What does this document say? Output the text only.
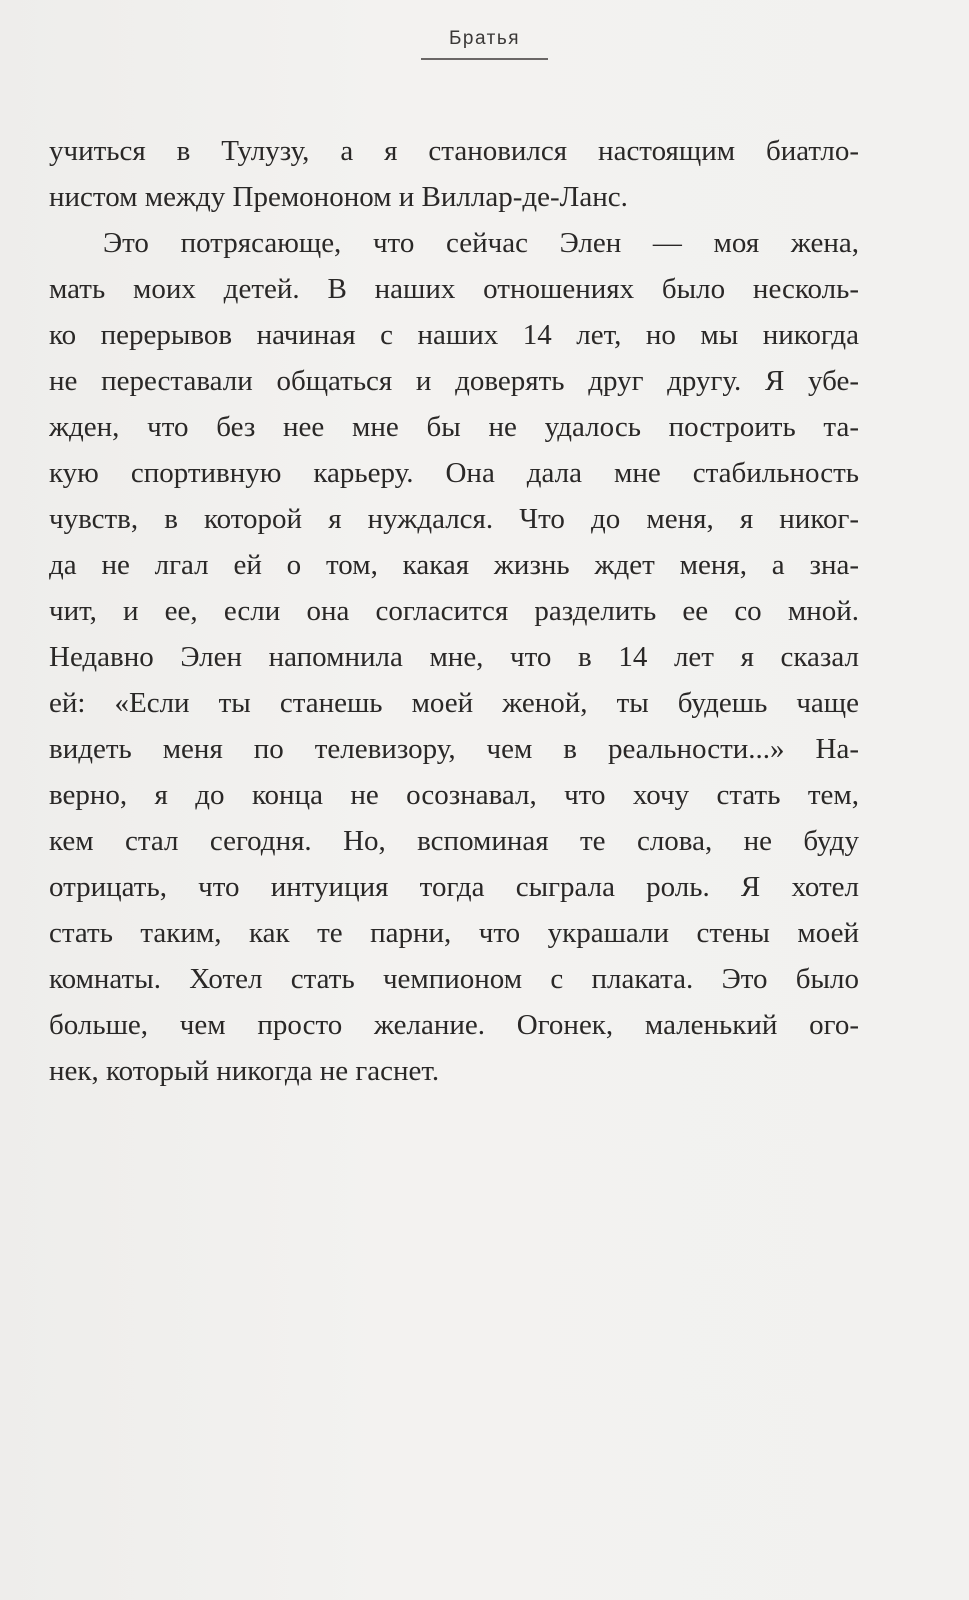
Братья
учиться в Тулузу, а я становился настоящим биатло-
нистом между Премононом и Виллар-де-Ланс.
Это потрясающе, что сейчас Элен — моя жена,
мать моих детей. В наших отношениях было несколь-
ко перерывов начиная с наших 14 лет, но мы никогда
не переставали общаться и доверять друг другу. Я убе-
жден, что без нее мне бы не удалось построить та-
кую спортивную карьеру. Она дала мне стабильность
чувств, в которой я нуждался. Что до меня, я никог-
да не лгал ей о том, какая жизнь ждет меня, а зна-
чит, и ее, если она согласится разделить ее со мной.
Недавно Элен напомнила мне, что в 14 лет я сказал
ей: «Если ты станешь моей женой, ты будешь чаще
видеть меня по телевизору, чем в реальности...» На-
верно, я до конца не осознавал, что хочу стать тем,
кем стал сегодня. Но, вспоминая те слова, не буду
отрицать, что интуиция тогда сыграла роль. Я хотел
стать таким, как те парни, что украшали стены моей
комнаты. Хотел стать чемпионом с плаката. Это было
больше, чем просто желание. Огонек, маленький ого-
нек, который никогда не гаснет.
